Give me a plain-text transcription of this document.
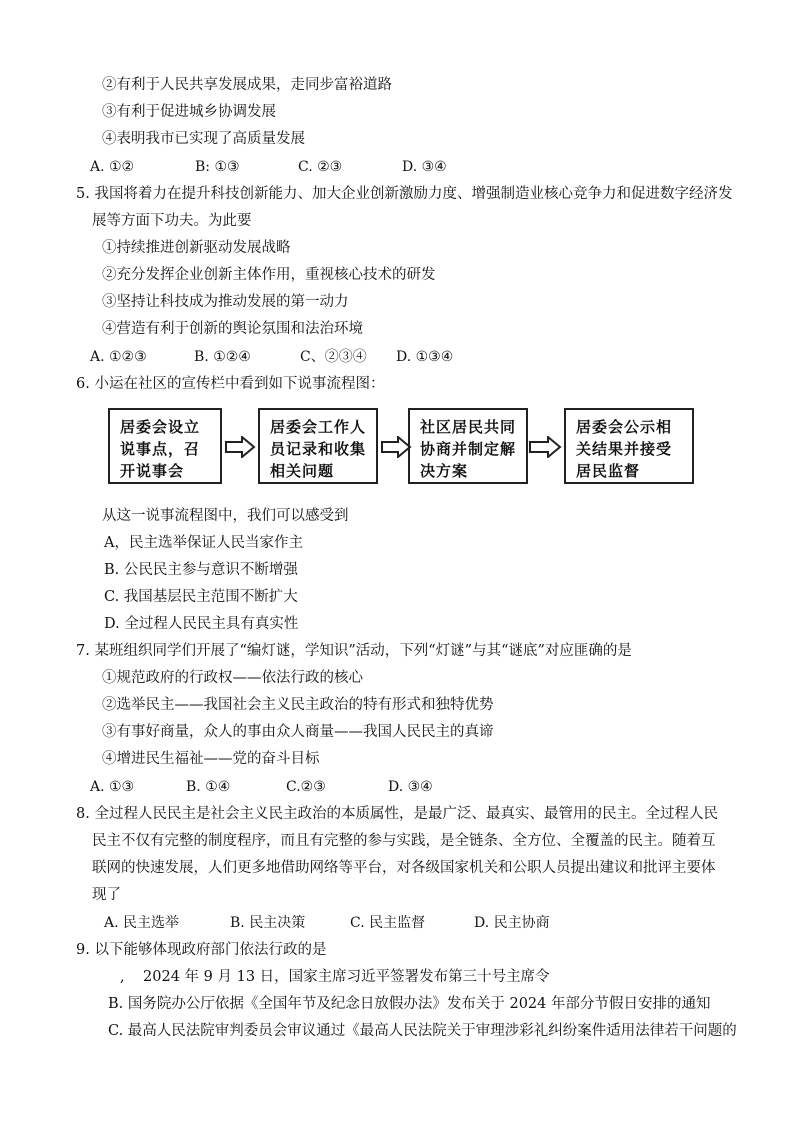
②有利于人民共享发展成果，走同步富裕道路
③有利于促进城乡协调发展
④表明我市已实现了高质量发展
A. ①②	B: ①③	C. ②③	D. ③④
5. 我国将着力在提升科技创新能力、加大企业创新激励力度、增强制造业核心竞争力和促进数字经济发
展等方面下功夫。为此要
①持续推进创新驱动发展战略
②充分发挥企业创新主体作用，重视核心技术的研发
③坚持让科技成为推动发展的第一动力
④营造有利于创新的舆论氛围和法治环境
A. ①②③	B. ①②④	C、②③④ D. ①③④
6. 小运在社区的宣传栏中看到如下说事流程图：
居委会设立说事点，召开说事会
居委会工作人员记录和收集相关问题
社区居民共同协商并制定解决方案
居委会公示相关结果并接受居民监督
从这一说事流程图中，我们可以感受到
A，民主选举保证人民当家作主
B. 公民民主参与意识不断增强
C. 我国基层民主范围不断扩大
D. 全过程人民民主具有真实性
7. 某班组织同学们开展了“编灯谜，学知识”活动，下列“灯谜”与其“谜底”对应匪确的是
①规范政府的行政权——依法行政的核心
②选举民主——我国社会主义民主政治的特有形式和独特优势
③有事好商量，众人的事由众人商量——我国人民民主的真谛
④增进民生福祉——党的奋斗目标
A. ①③	B. ①④	C.②③	D. ③④
8. 全过程人民民主是社会主义民主政治的本质属性，是最广泛、最真实、最管用的民主。全过程人民
民主不仅有完整的制度程序，而且有完整的参与实践，是全链条、全方位、全覆盖的民主。随着互
联网的快速发展，人们更多地借助网络等平台，对各级国家机关和公职人员提出建议和批评主要体
现了
A. 民主选举	B. 民主决策	C. 民主监督	D. 民主协商
9. 以下能够体现政府部门依法行政的是
,    2024 年 9 月 13 日，国家主席习近平签署发布第三十号主席令
B. 国务院办公厅依据《全国年节及纪念日放假办法》发布关于 2024 年部分节假日安排的通知
C. 最高人民法院审判委员会审议通过《最高人民法院关于审理涉彩礼纠纷案件适用法律若干问题的
